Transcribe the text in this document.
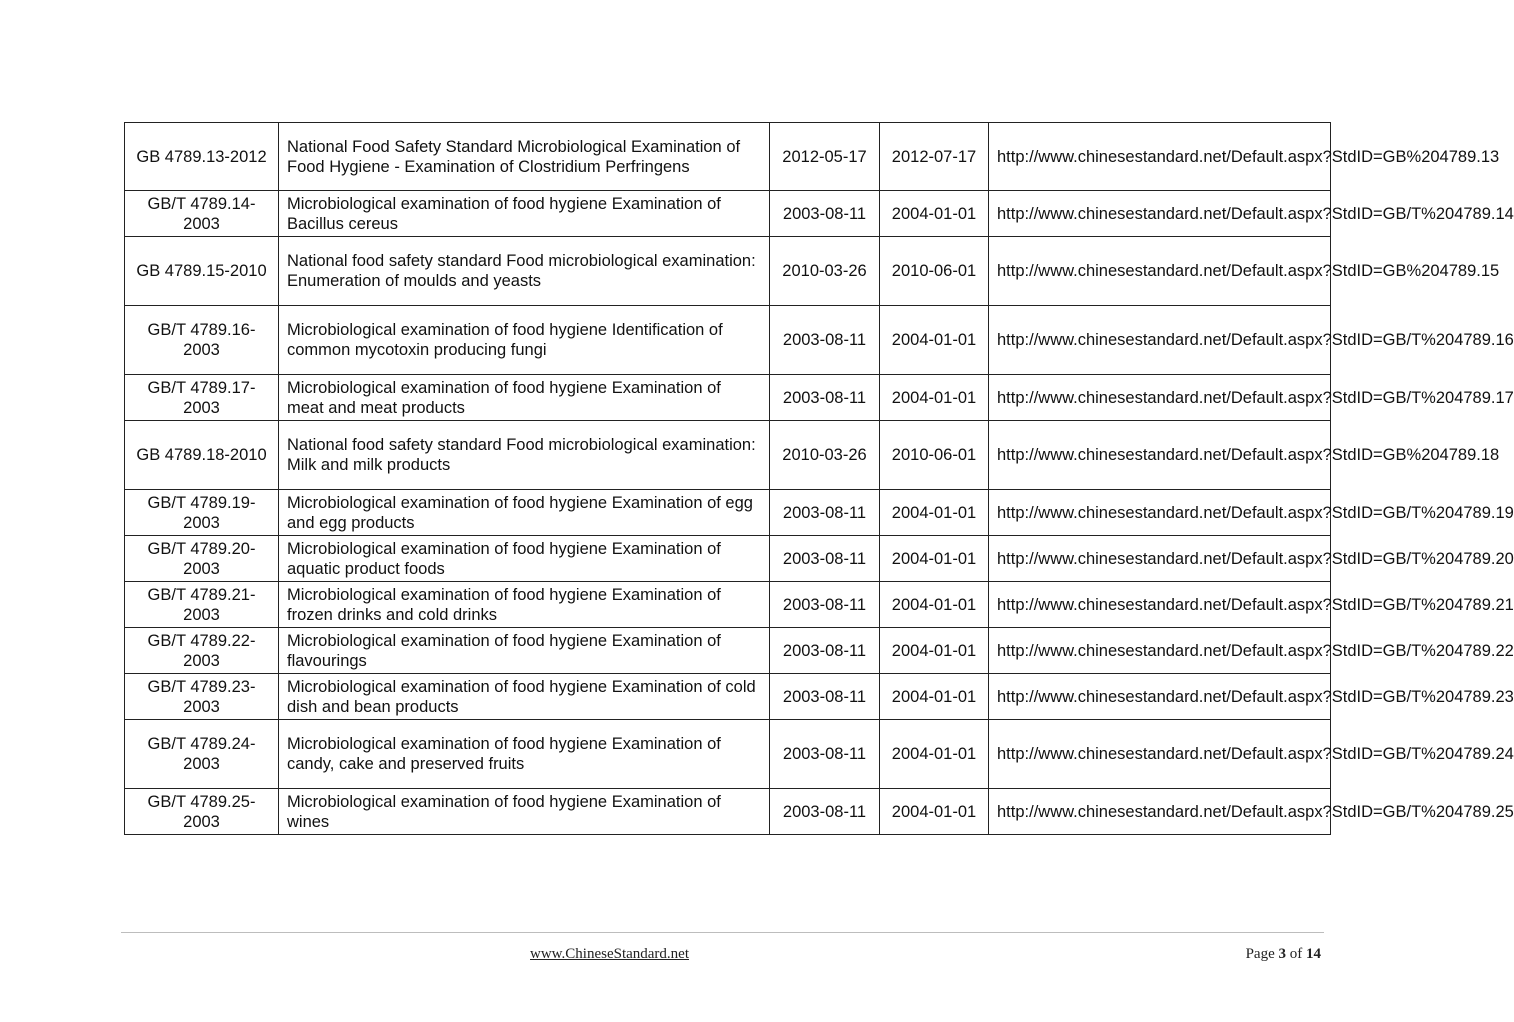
GB 4789.13-2012	National Food Safety Standard Microbiological Examination of Food Hygiene - Examination of Clostridium Perfringens	2012-05-17	2012-07-17	http://www.chinesestandard.net/Default.aspx?StdID=GB%204789.13
GB/T 4789.14-2003	Microbiological examination of food hygiene Examination of Bacillus cereus	2003-08-11	2004-01-01	http://www.chinesestandard.net/Default.aspx?StdID=GB/T%204789.14
GB 4789.15-2010	National food safety standard Food microbiological examination: Enumeration of moulds and yeasts	2010-03-26	2010-06-01	http://www.chinesestandard.net/Default.aspx?StdID=GB%204789.15
GB/T 4789.16-2003	Microbiological examination of food hygiene Identification of common mycotoxin producing fungi	2003-08-11	2004-01-01	http://www.chinesestandard.net/Default.aspx?StdID=GB/T%204789.16
GB/T 4789.17-2003	Microbiological examination of food hygiene Examination of meat and meat products	2003-08-11	2004-01-01	http://www.chinesestandard.net/Default.aspx?StdID=GB/T%204789.17
GB 4789.18-2010	National food safety standard Food microbiological examination: Milk and milk products	2010-03-26	2010-06-01	http://www.chinesestandard.net/Default.aspx?StdID=GB%204789.18
GB/T 4789.19-2003	Microbiological examination of food hygiene Examination of egg and egg products	2003-08-11	2004-01-01	http://www.chinesestandard.net/Default.aspx?StdID=GB/T%204789.19
GB/T 4789.20-2003	Microbiological examination of food hygiene Examination of aquatic product foods	2003-08-11	2004-01-01	http://www.chinesestandard.net/Default.aspx?StdID=GB/T%204789.20
GB/T 4789.21-2003	Microbiological examination of food hygiene Examination of frozen drinks and cold drinks	2003-08-11	2004-01-01	http://www.chinesestandard.net/Default.aspx?StdID=GB/T%204789.21
GB/T 4789.22-2003	Microbiological examination of food hygiene Examination of flavourings	2003-08-11	2004-01-01	http://www.chinesestandard.net/Default.aspx?StdID=GB/T%204789.22
GB/T 4789.23-2003	Microbiological examination of food hygiene Examination of cold dish and bean products	2003-08-11	2004-01-01	http://www.chinesestandard.net/Default.aspx?StdID=GB/T%204789.23
GB/T 4789.24-2003	Microbiological examination of food hygiene Examination of candy, cake and preserved fruits	2003-08-11	2004-01-01	http://www.chinesestandard.net/Default.aspx?StdID=GB/T%204789.24
GB/T 4789.25-2003	Microbiological examination of food hygiene Examination of wines	2003-08-11	2004-01-01	http://www.chinesestandard.net/Default.aspx?StdID=GB/T%204789.25
www.ChineseStandard.net	Page 3 of 14
